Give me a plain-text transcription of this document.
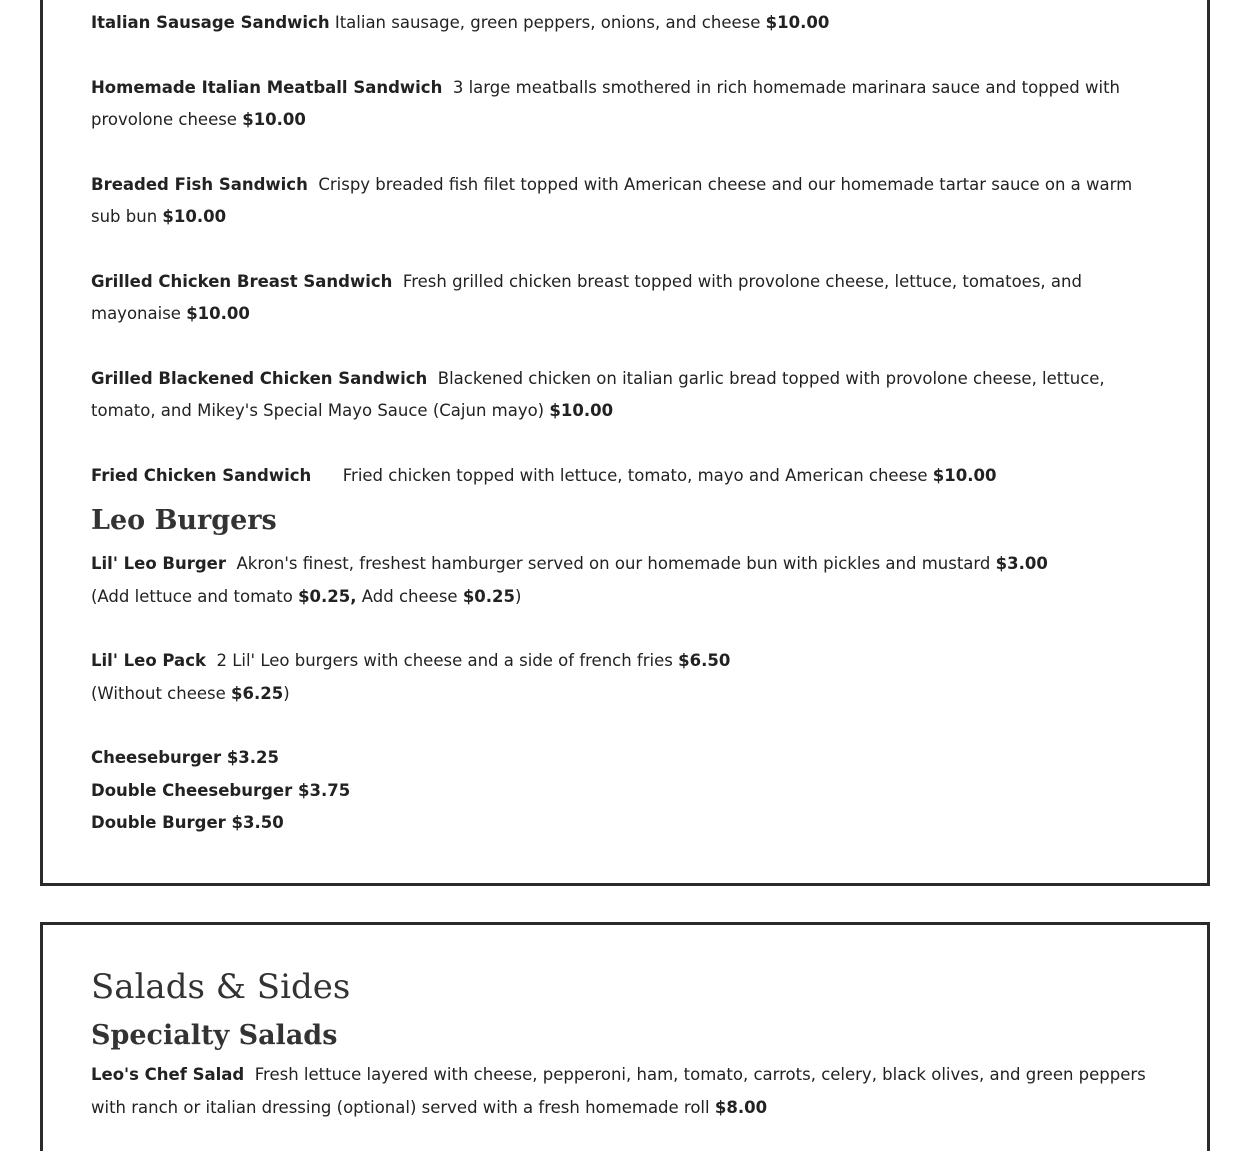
Italian Sausage Sandwich Italian sausage, green peppers, onions, and cheese $10.00

Homemade Italian Meatball Sandwich 3 large meatballs smothered in rich homemade marinara sauce and topped with provolone cheese $10.00

Breaded Fish Sandwich Crispy breaded fish filet topped with American cheese and our homemade tartar sauce on a warm sub bun $10.00

Grilled Chicken Breast Sandwich Fresh grilled chicken breast topped with provolone cheese, lettuce, tomatoes, and mayonaise $10.00

Grilled Blackened Chicken Sandwich Blackened chicken on italian garlic bread topped with provolone cheese, lettuce, tomato, and Mikey's Special Mayo Sauce (Cajun mayo) $10.00

Fried Chicken Sandwich Fried chicken topped with lettuce, tomato, mayo and American cheese $10.00

Leo Burgers

Lil' Leo Burger Akron's finest, freshest hamburger served on our homemade bun with pickles and mustard $3.00

(Add lettuce and tomato $0.25, Add cheese $0.25)

Lil' Leo Pack 2 Lil' Leo burgers with cheese and a side of french fries $6.50

(Without cheese $6.25)

Cheeseburger $3.25

Double Cheeseburger $3.75

Double Burger $3.50

Salads & Sides
Specialty Salads

Leo's Chef Salad Fresh lettuce layered with cheese, pepperoni, ham, tomato, carrots, celery, black olives, and green peppers with ranch or italian dressing (optional) served with a fresh homemade roll $8.00
